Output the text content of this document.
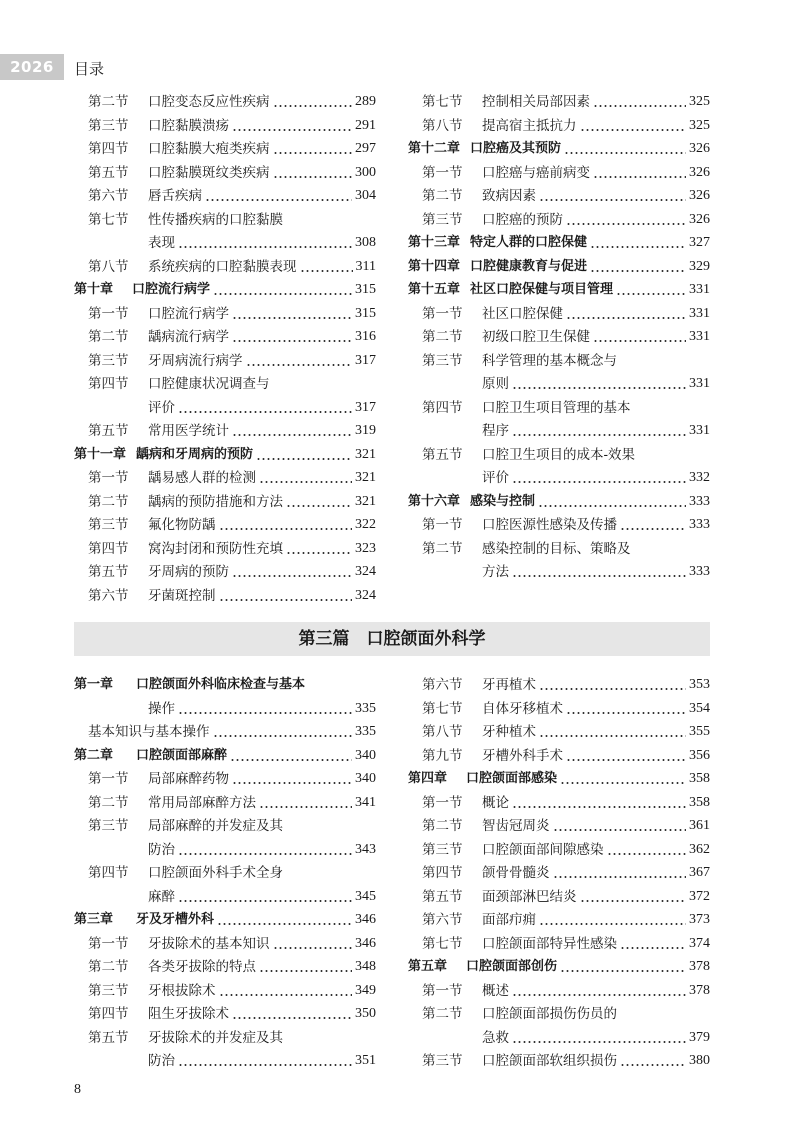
2026	目录
第二节	口腔变态反应性疾病	289
第三节	口腔黏膜溃疡	291
第四节	口腔黏膜大疱类疾病	297
第五节	口腔黏膜斑纹类疾病	300
第六节	唇舌疾病	304
第七节	性传播疾病的口腔黏膜
表现	308
第八节	系统疾病的口腔黏膜表现	311
第十章	口腔流行病学	315
第一节	口腔流行病学	315
第二节	龋病流行病学	316
第三节	牙周病流行病学	317
第四节	口腔健康状况调查与
评价	317
第五节	常用医学统计	319
第十一章 龋病和牙周病的预防	321
第一节	龋易感人群的检测	321
第二节	龋病的预防措施和方法	321
第三节	氟化物防龋	322
第四节	窝沟封闭和预防性充填	323
第五节	牙周病的预防	324
第六节	牙菌斑控制	324
第七节	控制相关局部因素	325
第八节	提高宿主抵抗力	325
第十二章 口腔癌及其预防	326
第一节	口腔癌与癌前病变	326
第二节	致病因素	326
第三节	口腔癌的预防	326
第十三章 特定人群的口腔保健	327
第十四章 口腔健康教育与促进	329
第十五章 社区口腔保健与项目管理	331
第一节	社区口腔保健	331
第二节	初级口腔卫生保健	331
第三节	科学管理的基本概念与
原则	331
第四节	口腔卫生项目管理的基本
程序	331
第五节	口腔卫生项目的成本-效果
评价	332
第十六章 感染与控制	333
第一节	口腔医源性感染及传播	333
第二节	感染控制的目标、策略及
方法	333
第三篇　口腔颌面外科学
第一章	口腔颌面外科临床检查与基本
操作	335
基本知识与基本操作	335
第二章	口腔颌面部麻醉	340
第一节	局部麻醉药物	340
第二节	常用局部麻醉方法	341
第三节	局部麻醉的并发症及其
防治	343
第四节	口腔颌面外科手术全身
麻醉	345
第三章	牙及牙槽外科	346
第一节	牙拔除术的基本知识	346
第二节	各类牙拔除的特点	348
第三节	牙根拔除术	349
第四节	阻生牙拔除术	350
第五节	牙拔除术的并发症及其
防治	351
第六节	牙再植术	353
第七节	自体牙移植术	354
第八节	牙种植术	355
第九节	牙槽外科手术	356
第四章	口腔颌面部感染	358
第一节	概论	358
第二节	智齿冠周炎	361
第三节	口腔颌面部间隙感染	362
第四节	颌骨骨髓炎	367
第五节	面颈部淋巴结炎	372
第六节	面部疖痈	373
第七节	口腔颌面部特异性感染	374
第五章	口腔颌面部创伤	378
第一节	概述	378
第二节	口腔颌面部损伤伤员的
急救	379
第三节	口腔颌面部软组织损伤	380
8
